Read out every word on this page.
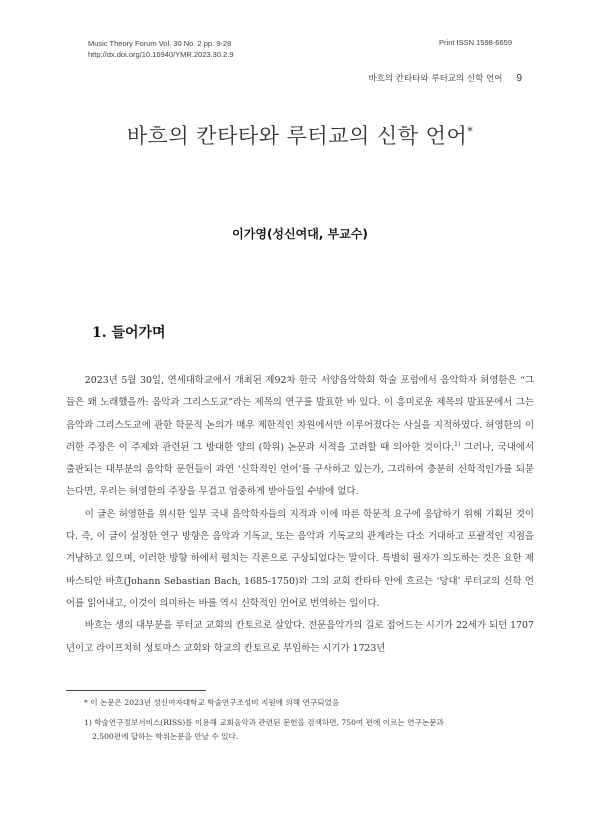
Music Theory Forum Vol. 30 No. 2 pp. 9-28
http://dx.doi.org/10.16940/YMR.2023.30.2.9
Print ISSN 1598-6659
바흐의 칸타타와 루터교의 신학 언어 9
바흐의 칸타타와 루터교의 신학 언어*
이가영(성신여대, 부교수)
1. 들어가며

2023년 5월 30일, 연세대학교에서 개최된 제92차 한국 서양음악학회 학술 포럼에서 음악학자 허영한은 “그들은 왜 노래했을까: 음악과 그리스도교”라는 제목의 연구를 발표한 바 있다. 이 흥미로운 제목의 발표문에서 그는 음악과 그리스도교에 관한 학문적 논의가 매우 제한적인 차원에서만 이루어졌다는 사실을 지적하였다. 허영한의 이러한 주장은 이 주제와 관련된 그 방대한 양의 (학위) 논문과 서적을 고려할 때 의아한 것이다.$^{1)}$ 그러나, 국내에서 출판되는 대부분의 음악학 문헌들이 과연 ‘신학적인 언어’를 구사하고 있는가, 그리하여 충분히 신학적인가를 되묻는다면, 우리는 허영한의 주장을 무겁고 엄중하게 받아들일 수밖에 없다.

이 글은 허영한을 위시한 일부 국내 음악학자들의 지적과 이에 따른 학문적 요구에 응답하기 위해 기획된 것이다. 즉, 이 글이 설정한 연구 방향은 음악과 기독교, 또는 음악과 기독교의 관계라는 다소 거대하고 포괄적인 지점을 겨냥하고 있으며, 이러한 방향 하에서 펼치는 각론으로 구상되었다는 말이다. 특별히 필자가 의도하는 것은 요한 제바스티안 바흐(Johann Sebastian Bach, 1685-1750)와 그의 교회 칸타타 안에 흐르는 ‘당대’ 루터교의 신학 언어를 읽어내고, 이것이 의미하는 바를 역시 신학적인 언어로 번역하는 일이다.

바흐는 생의 대부분을 루터교 교회의 칸토르로 살았다. 전문음악가의 길로 접어드는 시기가 22세가 되던 1707년이고 라이프치히 성토마스 교회와 학교의 칸토르로 부임하는 시기가 1723년

* 이 논문은 2023년 성신여자대학교 학술연구조성비 지원에 의해 연구되었음
1) 학술연구정보서비스(RISS)를 이용해 교회음악과 관련된 문헌을 검색하면, 750여 편에 이르는 연구논문과
2,500편에 달하는 학위논문을 만날 수 있다.
